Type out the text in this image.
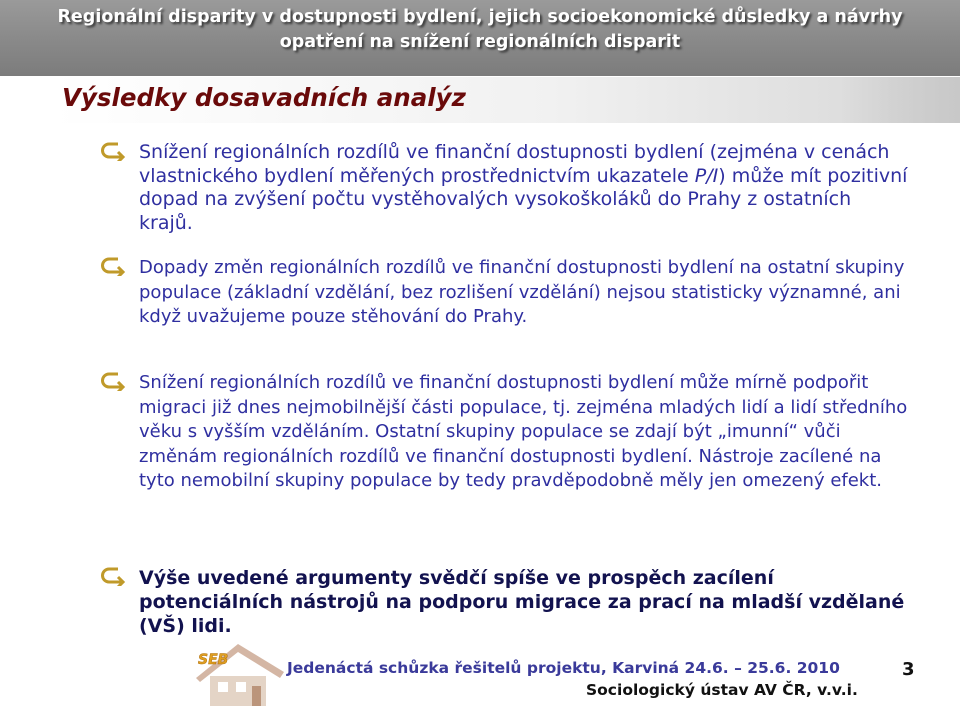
Regionální disparity v dostupnosti bydlení, jejich socioekonomické důsledky a návrhy
opatření na snížení regionálních disparit
Výsledky dosavadních analýz
Snížení regionálních rozdílů ve finanční dostupnosti bydlení (zejména v cenách vlastnického bydlení měřených prostřednictvím ukazatele P/I) může mít pozitivní dopad na zvýšení počtu vystěhovalých vysokoškoláků do Prahy z ostatních krajů.
Dopady změn regionálních rozdílů ve finanční dostupnosti bydlení na ostatní skupiny populace (základní vzdělání, bez rozlišení vzdělání) nejsou statisticky významné, ani když uvažujeme pouze stěhování do Prahy.
Snížení regionálních rozdílů ve finanční dostupnosti bydlení může mírně podpořit migraci již dnes nejmobilnější části populace, tj. zejména mladých lidí a lidí středního věku s vyšším vzděláním. Ostatní skupiny populace se zdají být „imunní“ vůči změnám regionálních rozdílů ve finanční dostupnosti bydlení. Nástroje zacílené na tyto nemobilní skupiny populace by tedy pravděpodobně měly jen omezený efekt.
Výše uvedené argumenty svědčí spíše ve prospěch zacílení potenciálních nástrojů na podporu migrace za prací na mladší vzdělané (VŠ) lidi.
SEB	Jedenáctá schůzka řešitelů projektu, Karviná 24.6. – 25.6. 2010
Sociologický ústav AV ČR, v.v.i.
3
